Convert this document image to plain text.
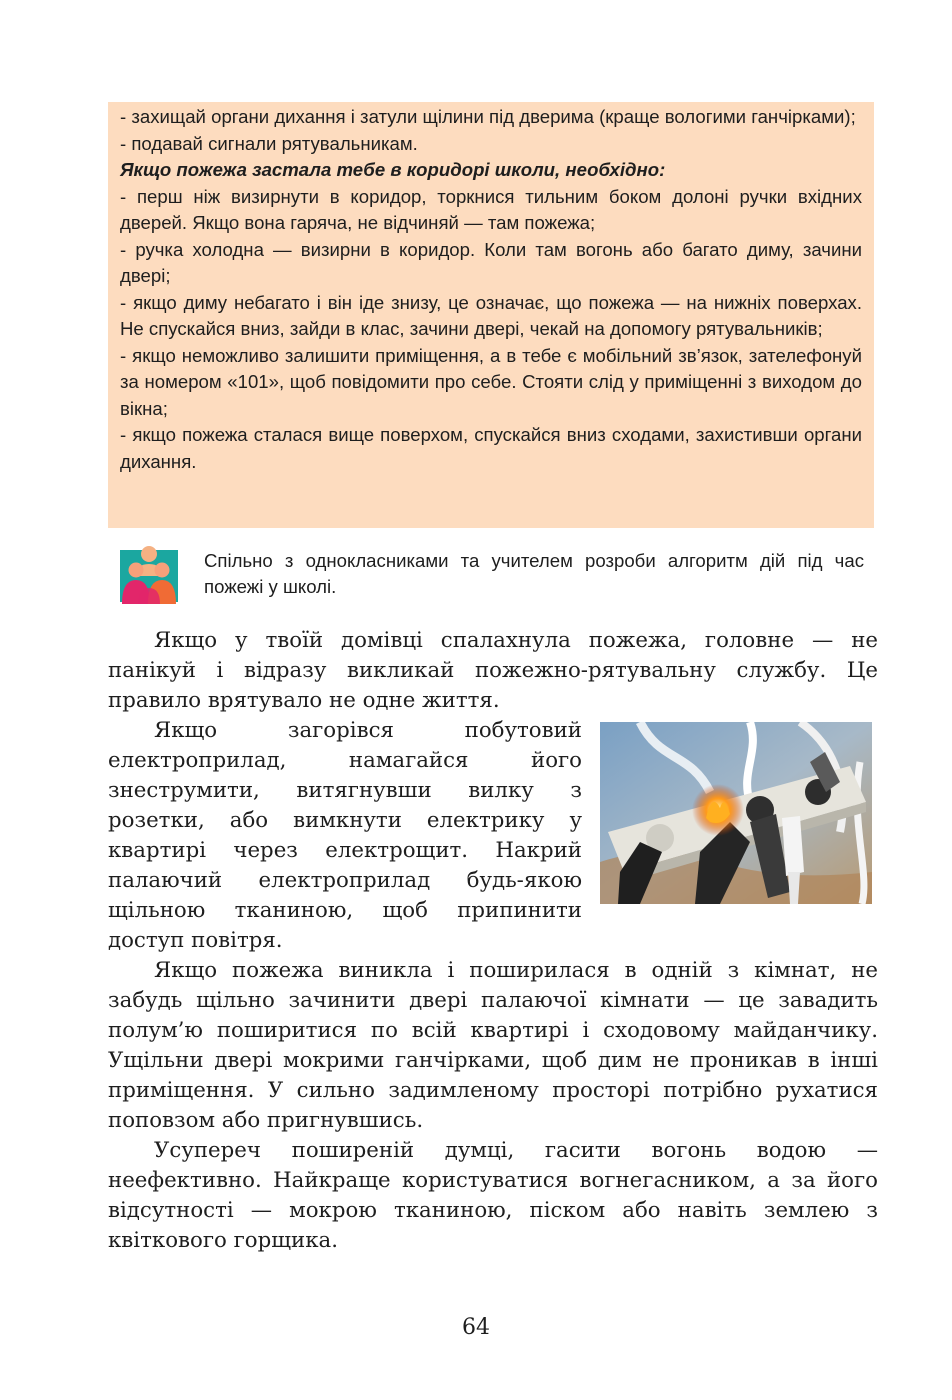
- захищай органи дихання і затули щілини під дверима (краще вологими ганчірками);

- подавай сигнали рятувальникам.

Якщо пожежа застала тебе в коридорі школи, необхідно:

- перш ніж визирнути в коридор, торкнися тильним боком долоні ручки вхідних дверей. Якщо вона гаряча, не відчиняй — там пожежа;

- ручка холодна — визирни в коридор. Коли там вогонь або багато диму, зачини двері;

- якщо диму небагато і він іде знизу, це означає, що пожежа — на нижніх поверхах. Не спускайся вниз, зайди в клас, зачини двері, чекай на допомогу рятувальників;

- якщо неможливо залишити приміщення, а в тебе є мобільний зв’язок, зателефонуй за номером «101», щоб повідомити про себе. Стояти слід у приміщенні з виходом до вікна;

- якщо пожежа сталася вище поверхом, спускайся вниз сходами, захистивши органи дихання.

Спільно з однокласниками та учителем розроби алгоритм дій під час пожежі у школі.

Якщо у твоїй домівці спалахнула пожежа, головне — не панікуй і відразу викликай пожежно-рятувальну службу. Це правило врятувало не одне життя.

Якщо загорівся побутовий електроприлад, намагайся його знеструмити, витягнувши вилку з розетки, або вимкнути електрику у квартирі через електрощит. Накрий палаючий електроприлад будь-якою щільною тканиною, щоб припинити доступ повітря.

Якщо пожежа виникла і поширилася в одній з кімнат, не забудь щільно зачинити двері палаючої кімнати — це завадить полум’ю поширитися по всій квартирі і сходовому майданчику. Ущільни двері мокрими ганчірками, щоб дим не проникав в інші приміщення. У сильно задимленому просторі потрібно рухатися поповзом або пригнувшись.

Усупереч поширеній думці, гасити вогонь водою — неефективно. Найкраще користуватися вогнегасником, а за його відсутності — мокрою тканиною, піском або навіть землею з квіткового горщика.

64
